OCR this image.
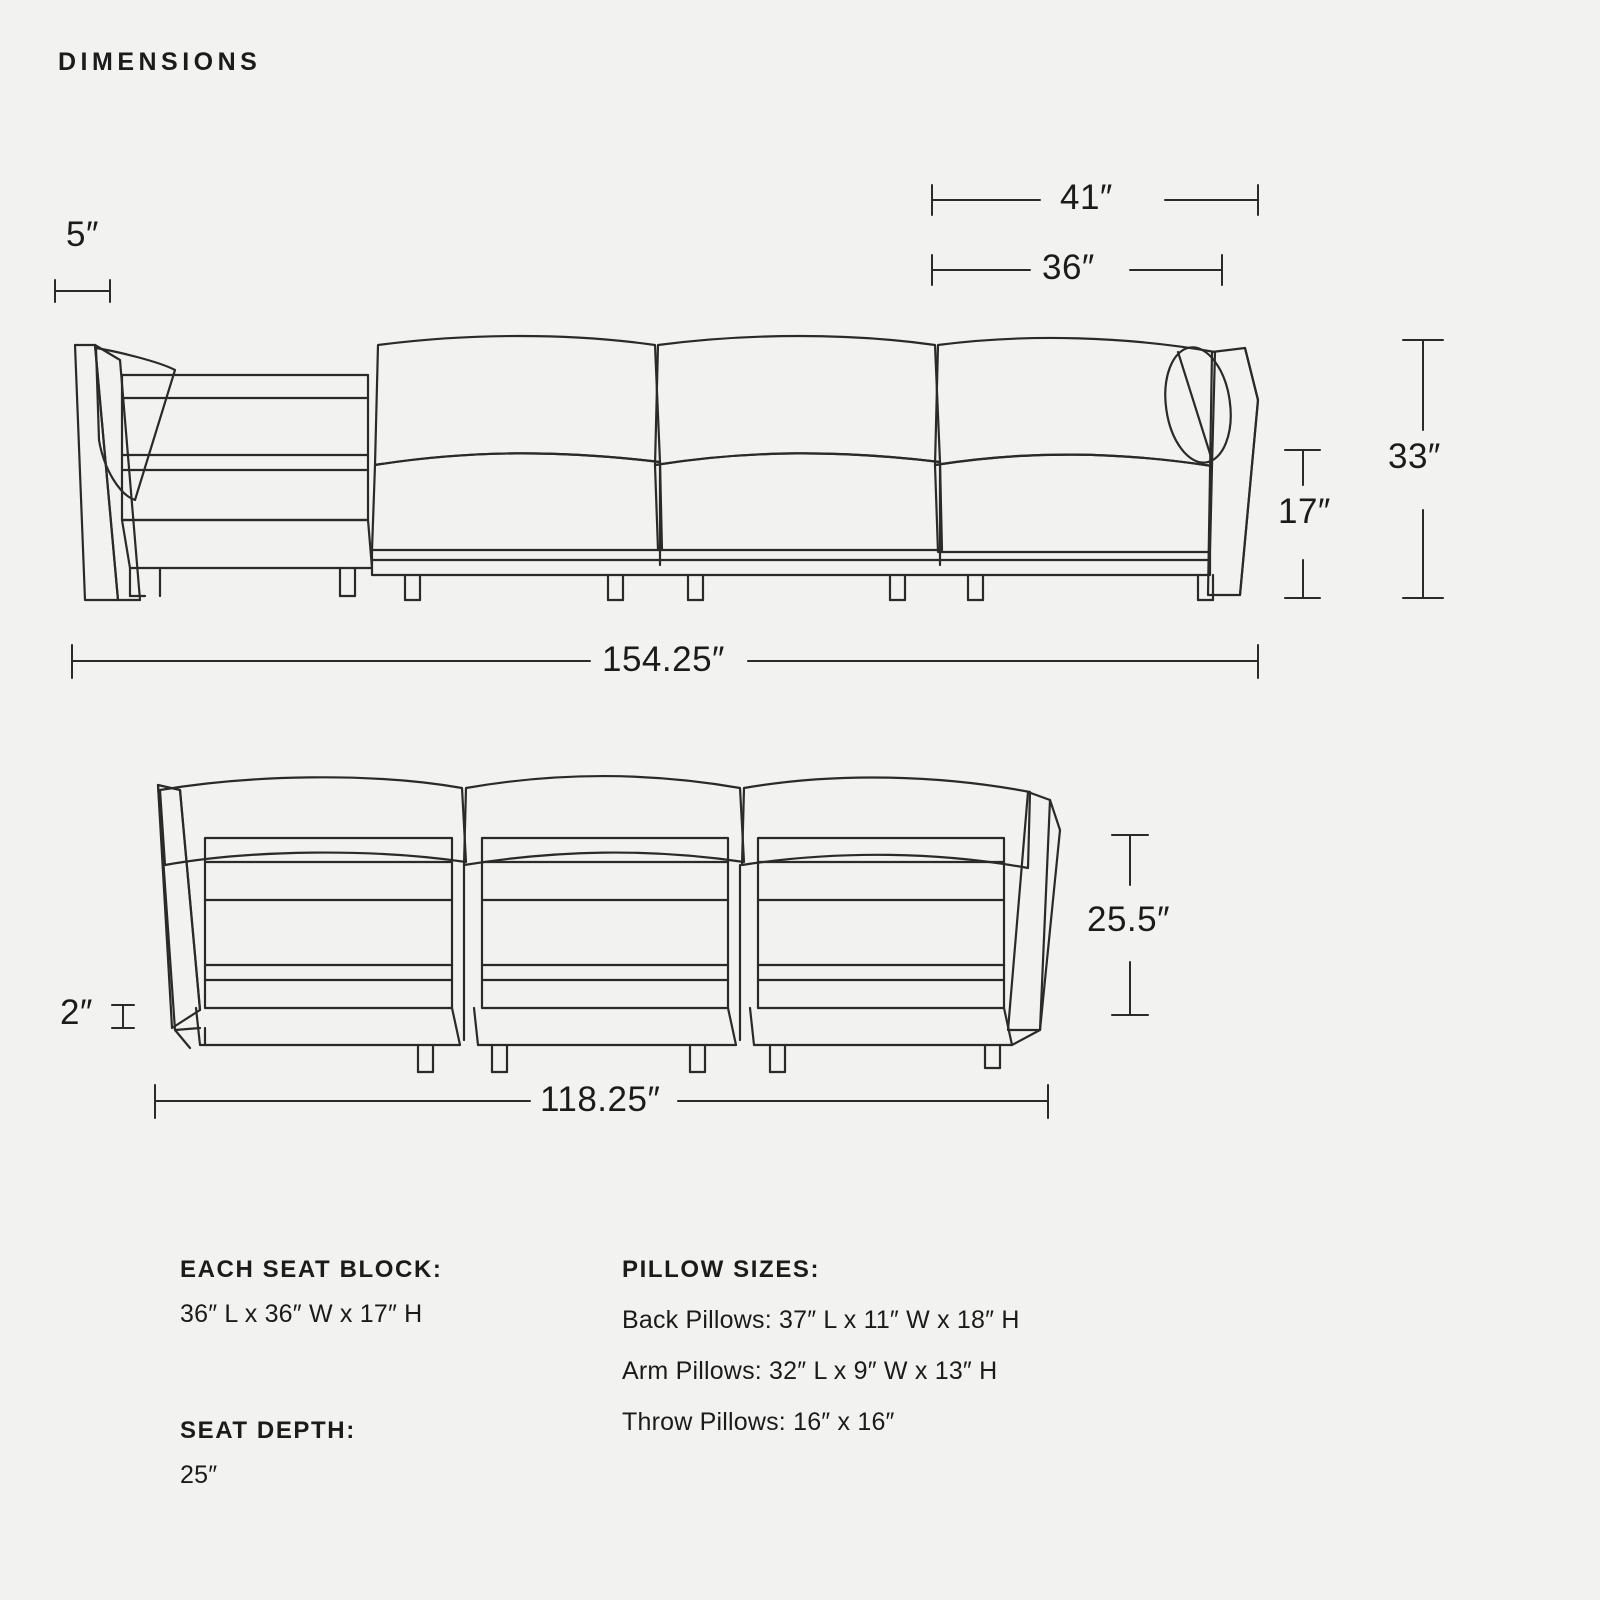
DIMENSIONS
5″
41″
36″
33″
17″
154.25″
25.5″
2″
118.25″
EACH SEAT BLOCK:
36″ L x 36″ W x 17″ H
SEAT DEPTH:
25″
PILLOW SIZES:
Back Pillows: 37″ L x 11″ W x 18″ H
Arm Pillows: 32″ L x 9″ W x 13″ H
Throw Pillows: 16″ x 16″
